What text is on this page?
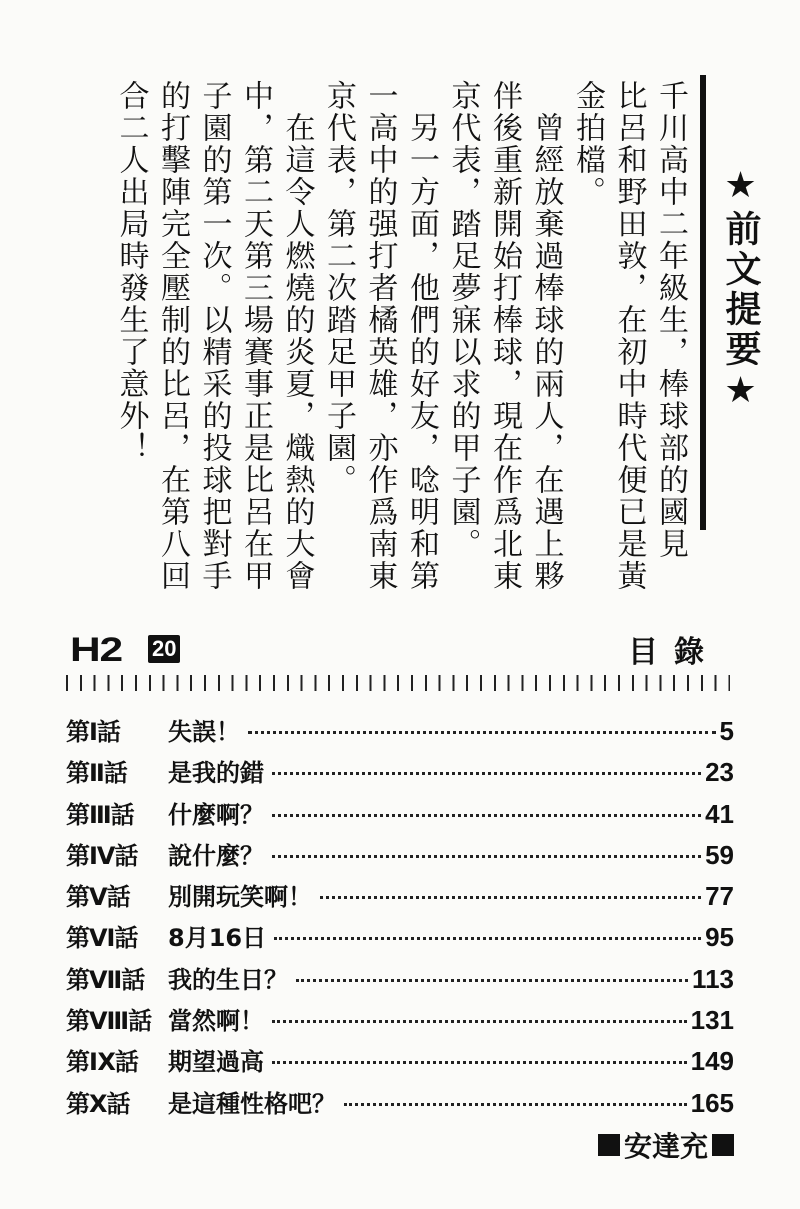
★前文提要★
千川高中二年級生，棒球部的國見
比呂和野田敦，在初中時代便已是黃
金拍檔。
　曾經放棄過棒球的兩人，在遇上夥
伴後重新開始打棒球，現在作爲北東
京代表，踏足夢寐以求的甲子園。
　另一方面，他們的好友，唸明和第
一高中的强打者橘英雄，亦作爲南東
京代表，第二次踏足甲子園。
　在這令人燃燒的炎夏，熾熱的大會
中，第二天第三場賽事正是比呂在甲
子園的第一次。以精采的投球把對手
的打擊陣完全壓制的比呂，在第八回
合二人出局時發生了意外！
H2 20	目錄
第Ⅰ話	失誤！	5
第Ⅱ話	是我的錯	23
第Ⅲ話	什麼啊？	41
第Ⅳ話	說什麼？	59
第Ⅴ話	別開玩笑啊！	77
第Ⅵ話	8月16日	95
第Ⅶ話 我的生日？	113
第Ⅷ話 當然啊！	131
第Ⅸ話	期望過高	149
第Ⅹ話	是這種性格吧？	165
安達充
